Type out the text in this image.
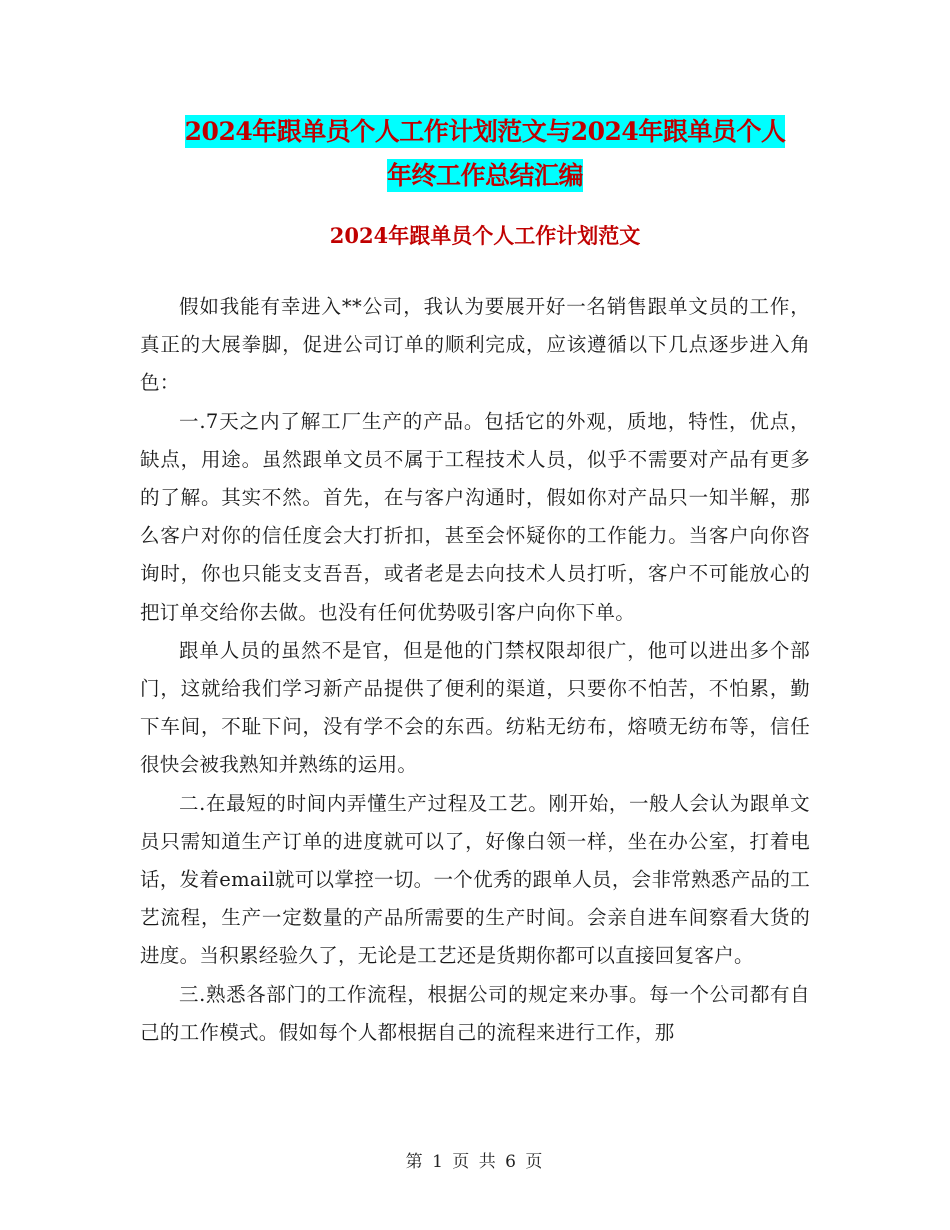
2024年跟单员个人工作计划范文与2024年跟单员个人
年终工作总结汇编
2024年跟单员个人工作计划范文

假如我能有幸进入**公司，我认为要展开好一名销售跟单文员的工作，真正的大展拳脚，促进公司订单的顺利完成，应该遵循以下几点逐步进入角色：

一.7天之内了解工厂生产的产品。包括它的外观，质地，特性，优点，缺点，用途。虽然跟单文员不属于工程技术人员，似乎不需要对产品有更多的了解。其实不然。首先，在与客户沟通时，假如你对产品只一知半解，那么客户对你的信任度会大打折扣，甚至会怀疑你的工作能力。当客户向你咨询时，你也只能支支吾吾，或者老是去向技术人员打听，客户不可能放心的把订单交给你去做。也没有任何优势吸引客户向你下单。

跟单人员的虽然不是官，但是他的门禁权限却很广，他可以进出多个部门，这就给我们学习新产品提供了便利的渠道，只要你不怕苦，不怕累，勤下车间，不耻下问，没有学不会的东西。纺粘无纺布，熔喷无纺布等，信任很快会被我熟知并熟练的运用。

二.在最短的时间内弄懂生产过程及工艺。刚开始，一般人会认为跟单文员只需知道生产订单的进度就可以了，好像白领一样，坐在办公室，打着电话，发着email就可以掌控一切。一个优秀的跟单人员，会非常熟悉产品的工艺流程，生产一定数量的产品所需要的生产时间。会亲自进车间察看大货的进度。当积累经验久了，无论是工艺还是货期你都可以直接回复客户。

三.熟悉各部门的工作流程，根据公司的规定来办事。每一个公司都有自己的工作模式。假如每个人都根据自己的流程来进行工作，那

第 1 页 共 6 页
